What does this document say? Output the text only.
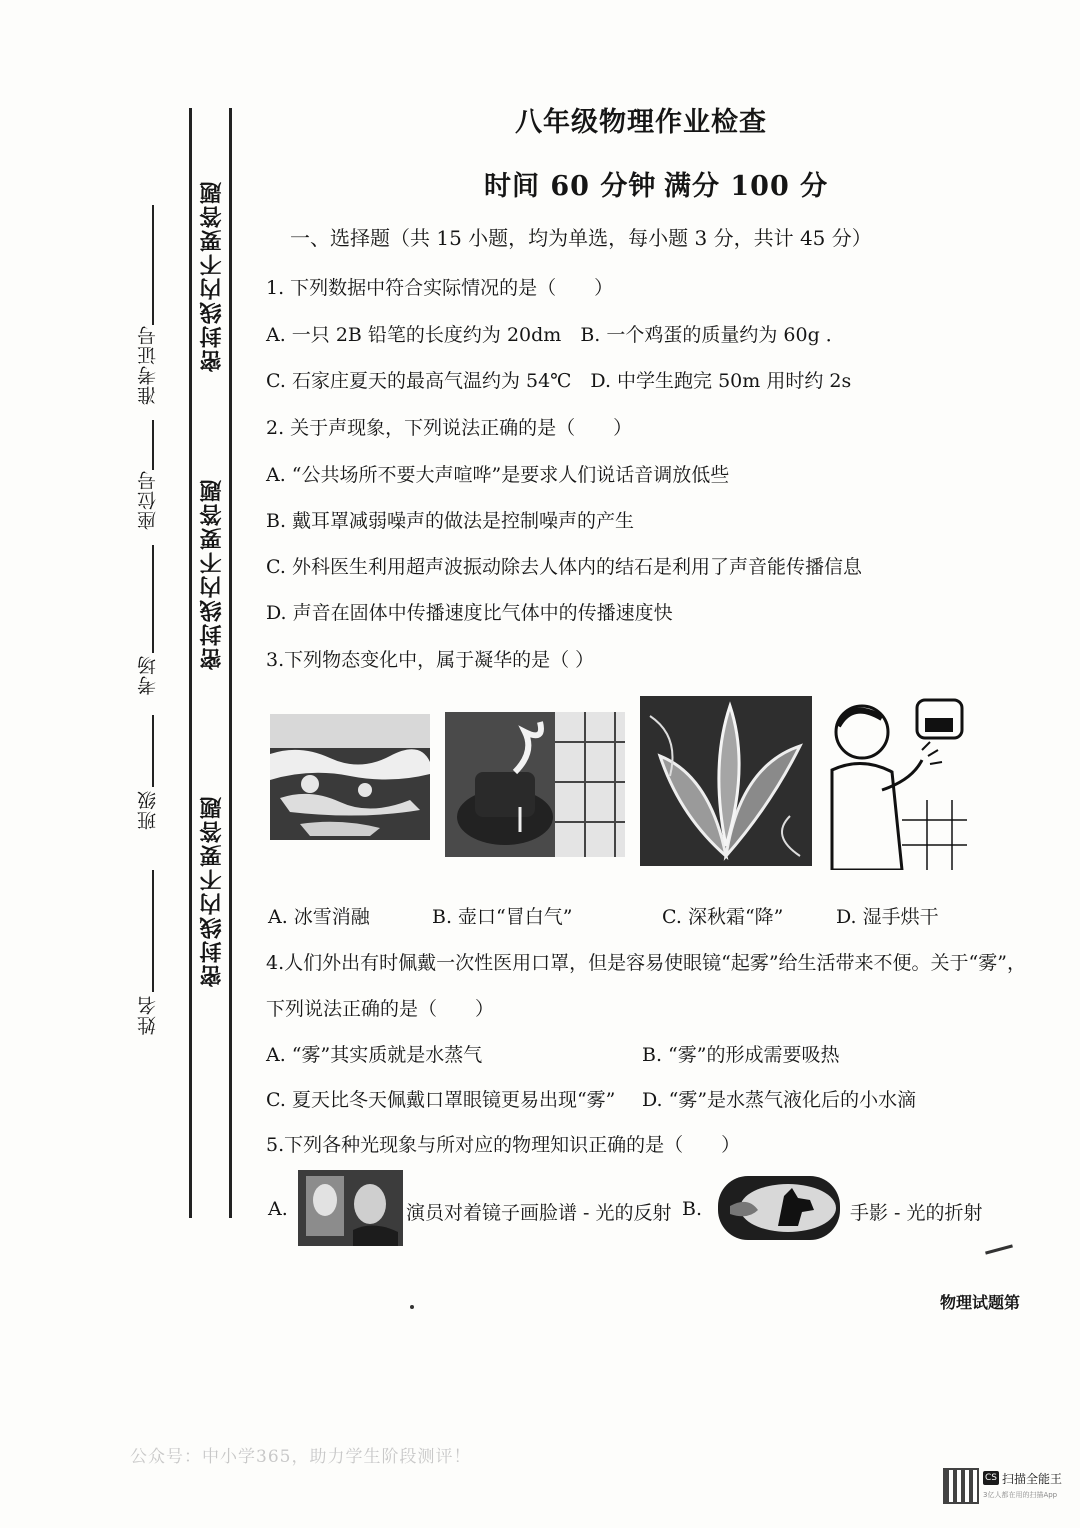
准考证号
座位号
考场
班级
姓名
密封线内不要答题
密封线内不要答题
密封线内不要答题
八年级物理作业检查
时间 60 分钟 满分 100 分
一、选择题（共 15 小题，均为单选，每小题 3 分，共计 45 分）
1. 下列数据中符合实际情况的是（　　）
A. 一只 2B 铅笔的长度约为 20dm　B. 一个鸡蛋的质量约为 60g ．
C. 石家庄夏天的最高气温约为 54℃　D. 中学生跑完 50m 用时约 2s
2. 关于声现象，下列说法正确的是（　　）
A. “公共场所不要大声喧哗”是要求人们说话音调放低些
B. 戴耳罩减弱噪声的做法是控制噪声的产生
C. 外科医生利用超声波振动除去人体内的结石是利用了声音能传播信息
D. 声音在固体中传播速度比气体中的传播速度快
3.下列物态变化中，属于凝华的是（ ）
A. 冰雪消融	B. 壶口“冒白气”	C. 深秋霜“降”	D. 湿手烘干
4.人们外出有时佩戴一次性医用口罩，但是容易使眼镜“起雾”给生活带来不便。关于“雾”，
下列说法正确的是（　　）
A. “雾”其实质就是水蒸气	B. “雾”的形成需要吸热
C. 夏天比冬天佩戴口罩眼镜更易出现“雾” D. “雾”是水蒸气液化后的小水滴
5.下列各种光现象与所对应的物理知识正确的是（　　）
A.	演员对着镜子画脸谱 - 光的反射 B.	手影 - 光的折射
物理试题第
公众号：中小学365，助力学生阶段测评！
CS 扫描全能王
3亿人都在用的扫描App
